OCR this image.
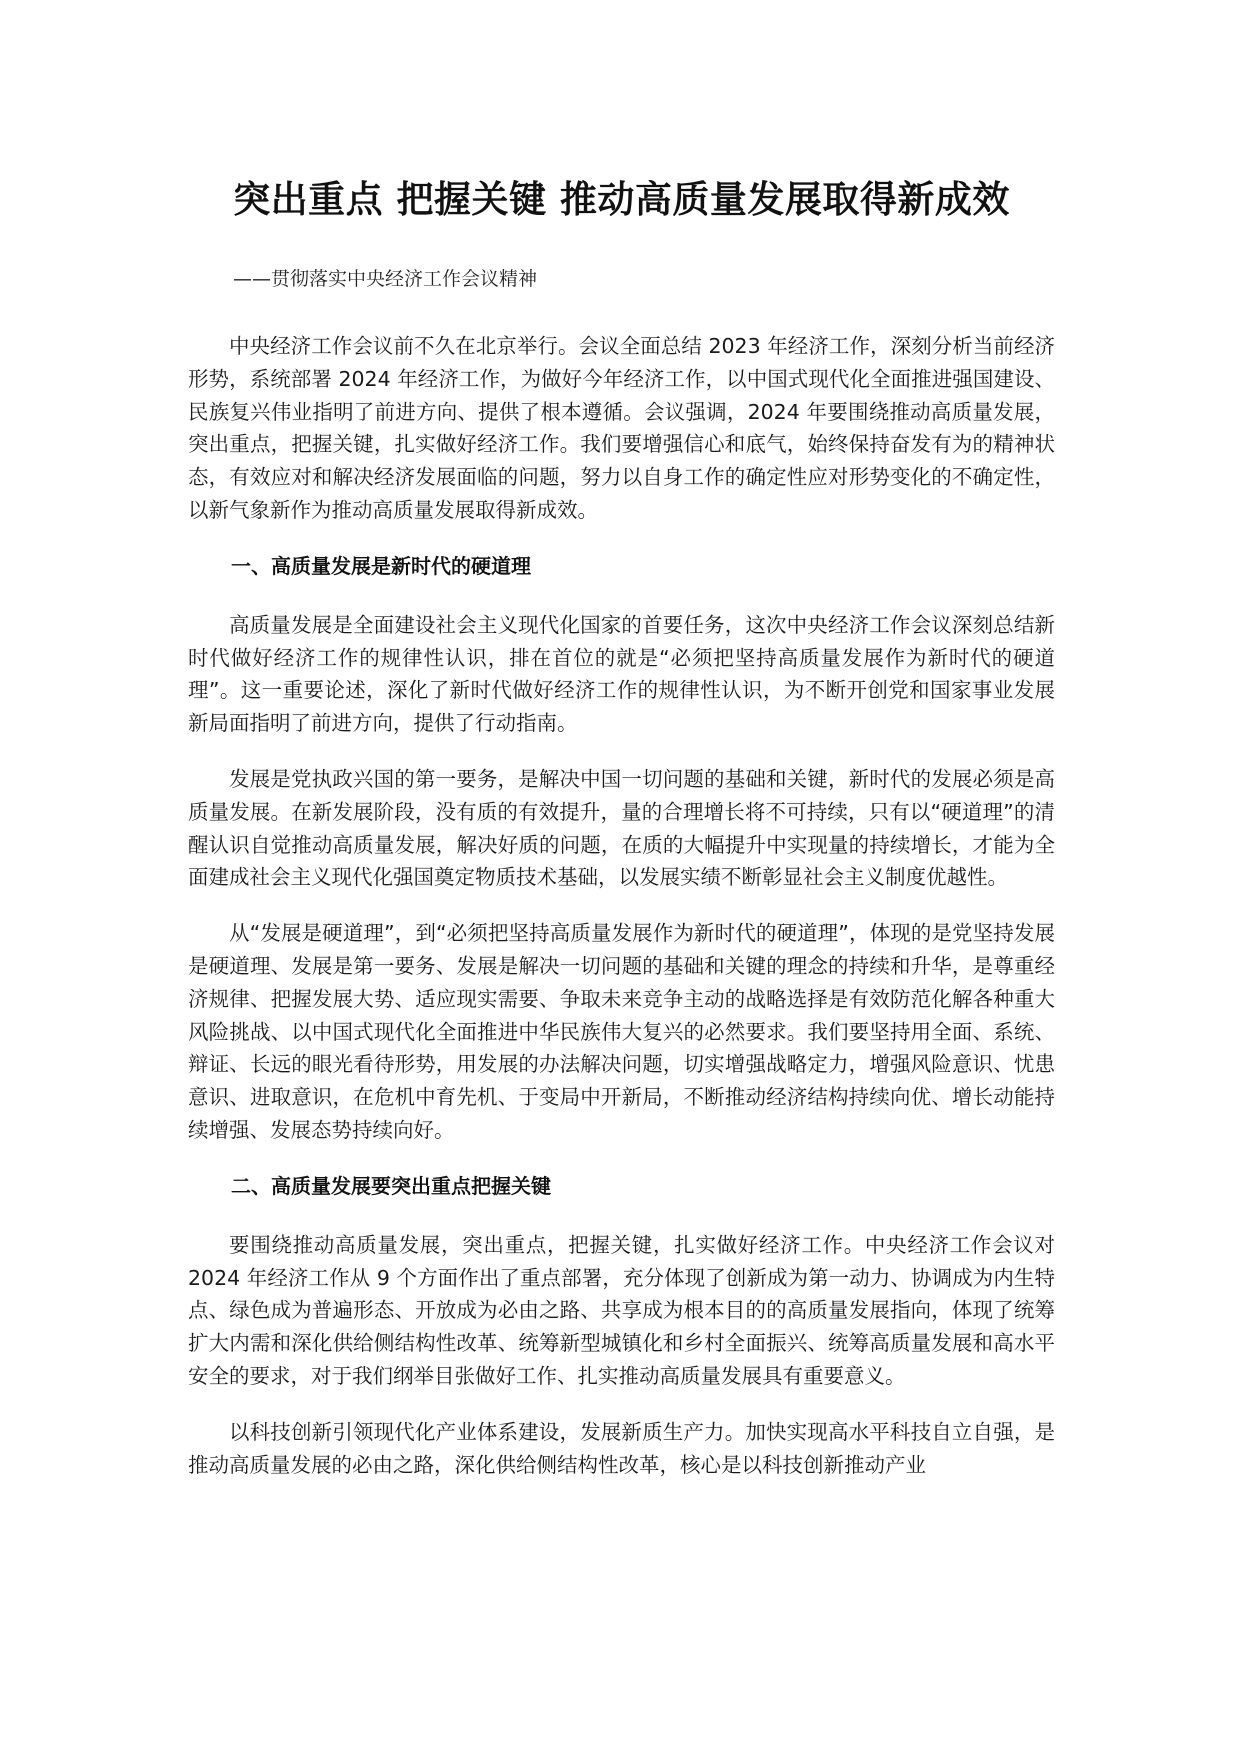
突出重点 把握关键 推动高质量发展取得新成效
——贯彻落实中央经济工作会议精神

中央经济工作会议前不久在北京举行。会议全面总结 2023 年经济工作，深刻分析当前经济形势，系统部署 2024 年经济工作，为做好今年经济工作，以中国式现代化全面推进强国建设、民族复兴伟业指明了前进方向、提供了根本遵循。会议强调，2024 年要围绕推动高质量发展，突出重点，把握关键，扎实做好经济工作。我们要增强信心和底气，始终保持奋发有为的精神状态，有效应对和解决经济发展面临的问题，努力以自身工作的确定性应对形势变化的不确定性，以新气象新作为推动高质量发展取得新成效。

一、高质量发展是新时代的硬道理

高质量发展是全面建设社会主义现代化国家的首要任务，这次中央经济工作会议深刻总结新时代做好经济工作的规律性认识，排在首位的就是“必须把坚持高质量发展作为新时代的硬道理”。这一重要论述，深化了新时代做好经济工作的规律性认识，为不断开创党和国家事业发展新局面指明了前进方向，提供了行动指南。

发展是党执政兴国的第一要务，是解决中国一切问题的基础和关键，新时代的发展必须是高质量发展。在新发展阶段，没有质的有效提升，量的合理增长将不可持续，只有以“硬道理”的清醒认识自觉推动高质量发展，解决好质的问题，在质的大幅提升中实现量的持续增长，才能为全面建成社会主义现代化强国奠定物质技术基础，以发展实绩不断彰显社会主义制度优越性。

从“发展是硬道理”，到“必须把坚持高质量发展作为新时代的硬道理”，体现的是党坚持发展是硬道理、发展是第一要务、发展是解决一切问题的基础和关键的理念的持续和升华，是尊重经济规律、把握发展大势、适应现实需要、争取未来竞争主动的战略选择是有效防范化解各种重大风险挑战、以中国式现代化全面推进中华民族伟大复兴的必然要求。我们要坚持用全面、系统、辩证、长远的眼光看待形势，用发展的办法解决问题，切实增强战略定力，增强风险意识、忧患意识、进取意识，在危机中育先机、于变局中开新局，不断推动经济结构持续向优、增长动能持续增强、发展态势持续向好。

二、高质量发展要突出重点把握关键

要围绕推动高质量发展，突出重点，把握关键，扎实做好经济工作。中央经济工作会议对 2024 年经济工作从 9 个方面作出了重点部署，充分体现了创新成为第一动力、协调成为内生特点、绿色成为普遍形态、开放成为必由之路、共享成为根本目的的高质量发展指向，体现了统筹扩大内需和深化供给侧结构性改革、统筹新型城镇化和乡村全面振兴、统筹高质量发展和高水平安全的要求，对于我们纲举目张做好工作、扎实推动高质量发展具有重要意义。

以科技创新引领现代化产业体系建设，发展新质生产力。加快实现高水平科技自立自强，是推动高质量发展的必由之路，深化供给侧结构性改革，核心是以科技创新推动产业
